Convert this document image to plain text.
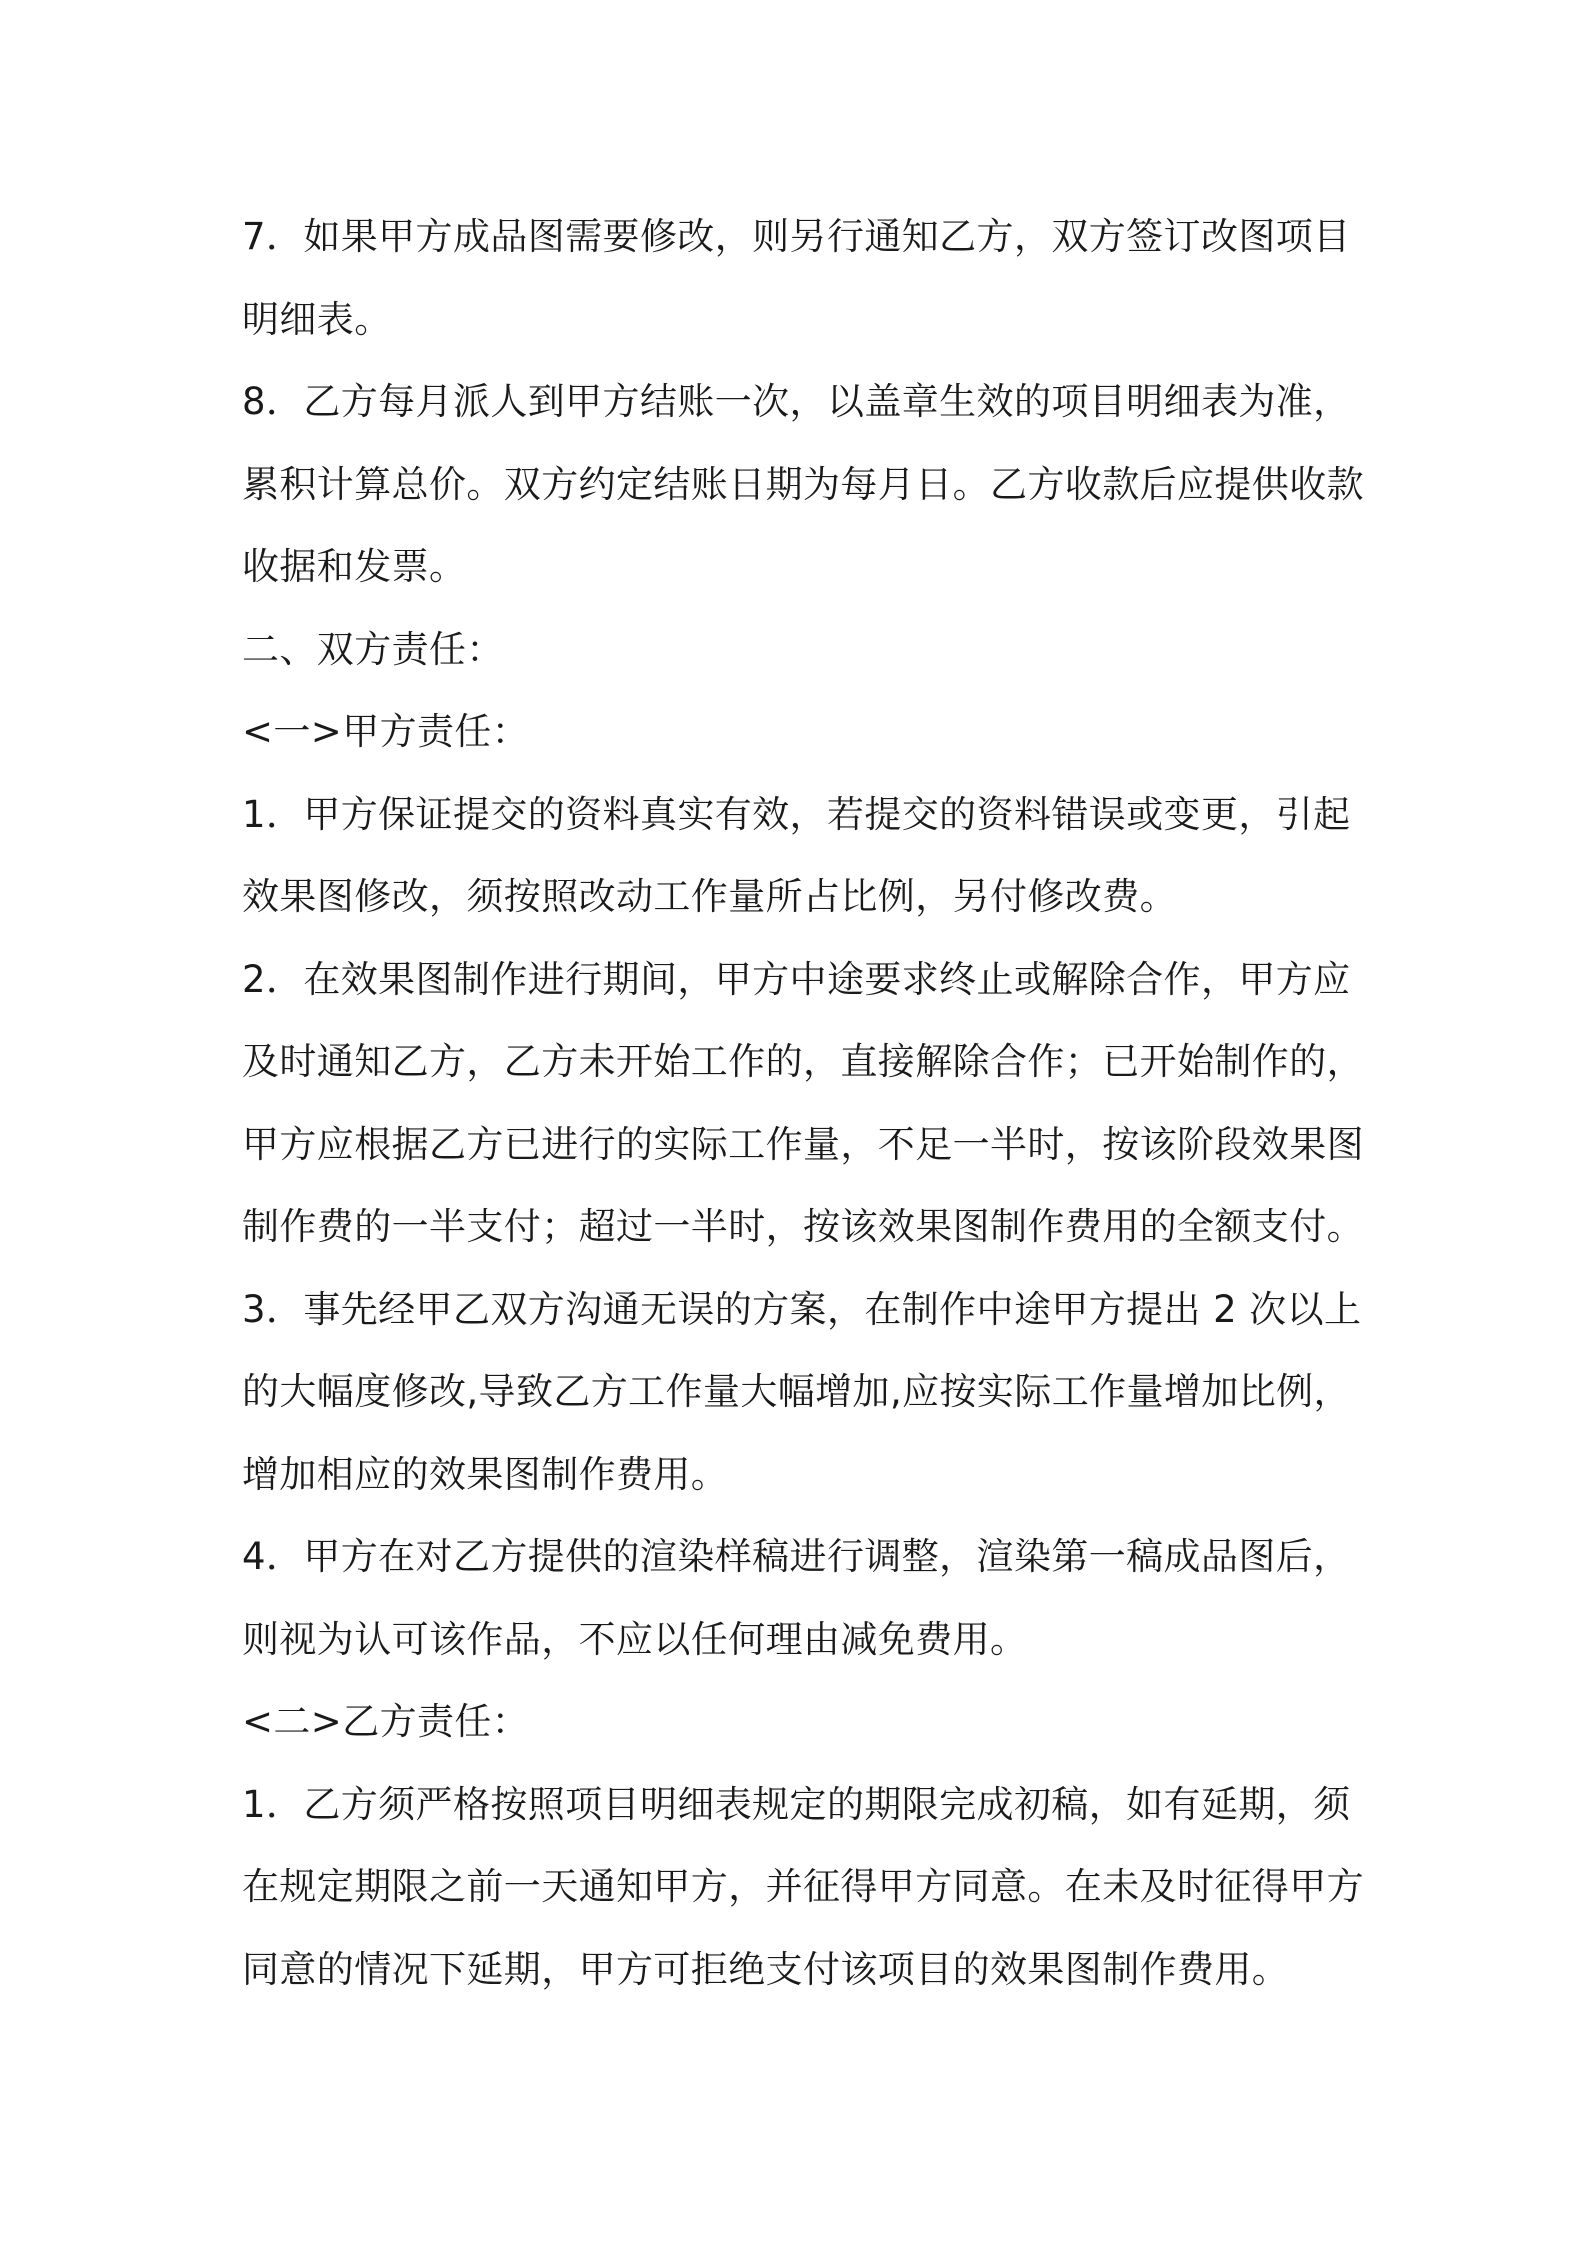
7．如果甲方成品图需要修改，则另行通知乙方，双方签订改图项目
明细表。
8．乙方每月派人到甲方结账一次，以盖章生效的项目明细表为准，
累积计算总价。双方约定结账日期为每月日。乙方收款后应提供收款
收据和发票。
二、双方责任：
<一>甲方责任：
1．甲方保证提交的资料真实有效，若提交的资料错误或变更，引起
效果图修改，须按照改动工作量所占比例，另付修改费。
2．在效果图制作进行期间，甲方中途要求终止或解除合作，甲方应
及时通知乙方，乙方未开始工作的，直接解除合作；已开始制作的，
甲方应根据乙方已进行的实际工作量，不足一半时，按该阶段效果图
制作费的一半支付；超过一半时，按该效果图制作费用的全额支付。
3．事先经甲乙双方沟通无误的方案，在制作中途甲方提出 2 次以上
的大幅度修改,导致乙方工作量大幅增加,应按实际工作量增加比例，
增加相应的效果图制作费用。
4．甲方在对乙方提供的渲染样稿进行调整，渲染第一稿成品图后，
则视为认可该作品，不应以任何理由减免费用。
<二>乙方责任：
1．乙方须严格按照项目明细表规定的期限完成初稿，如有延期，须
在规定期限之前一天通知甲方，并征得甲方同意。在未及时征得甲方
同意的情况下延期，甲方可拒绝支付该项目的效果图制作费用。
